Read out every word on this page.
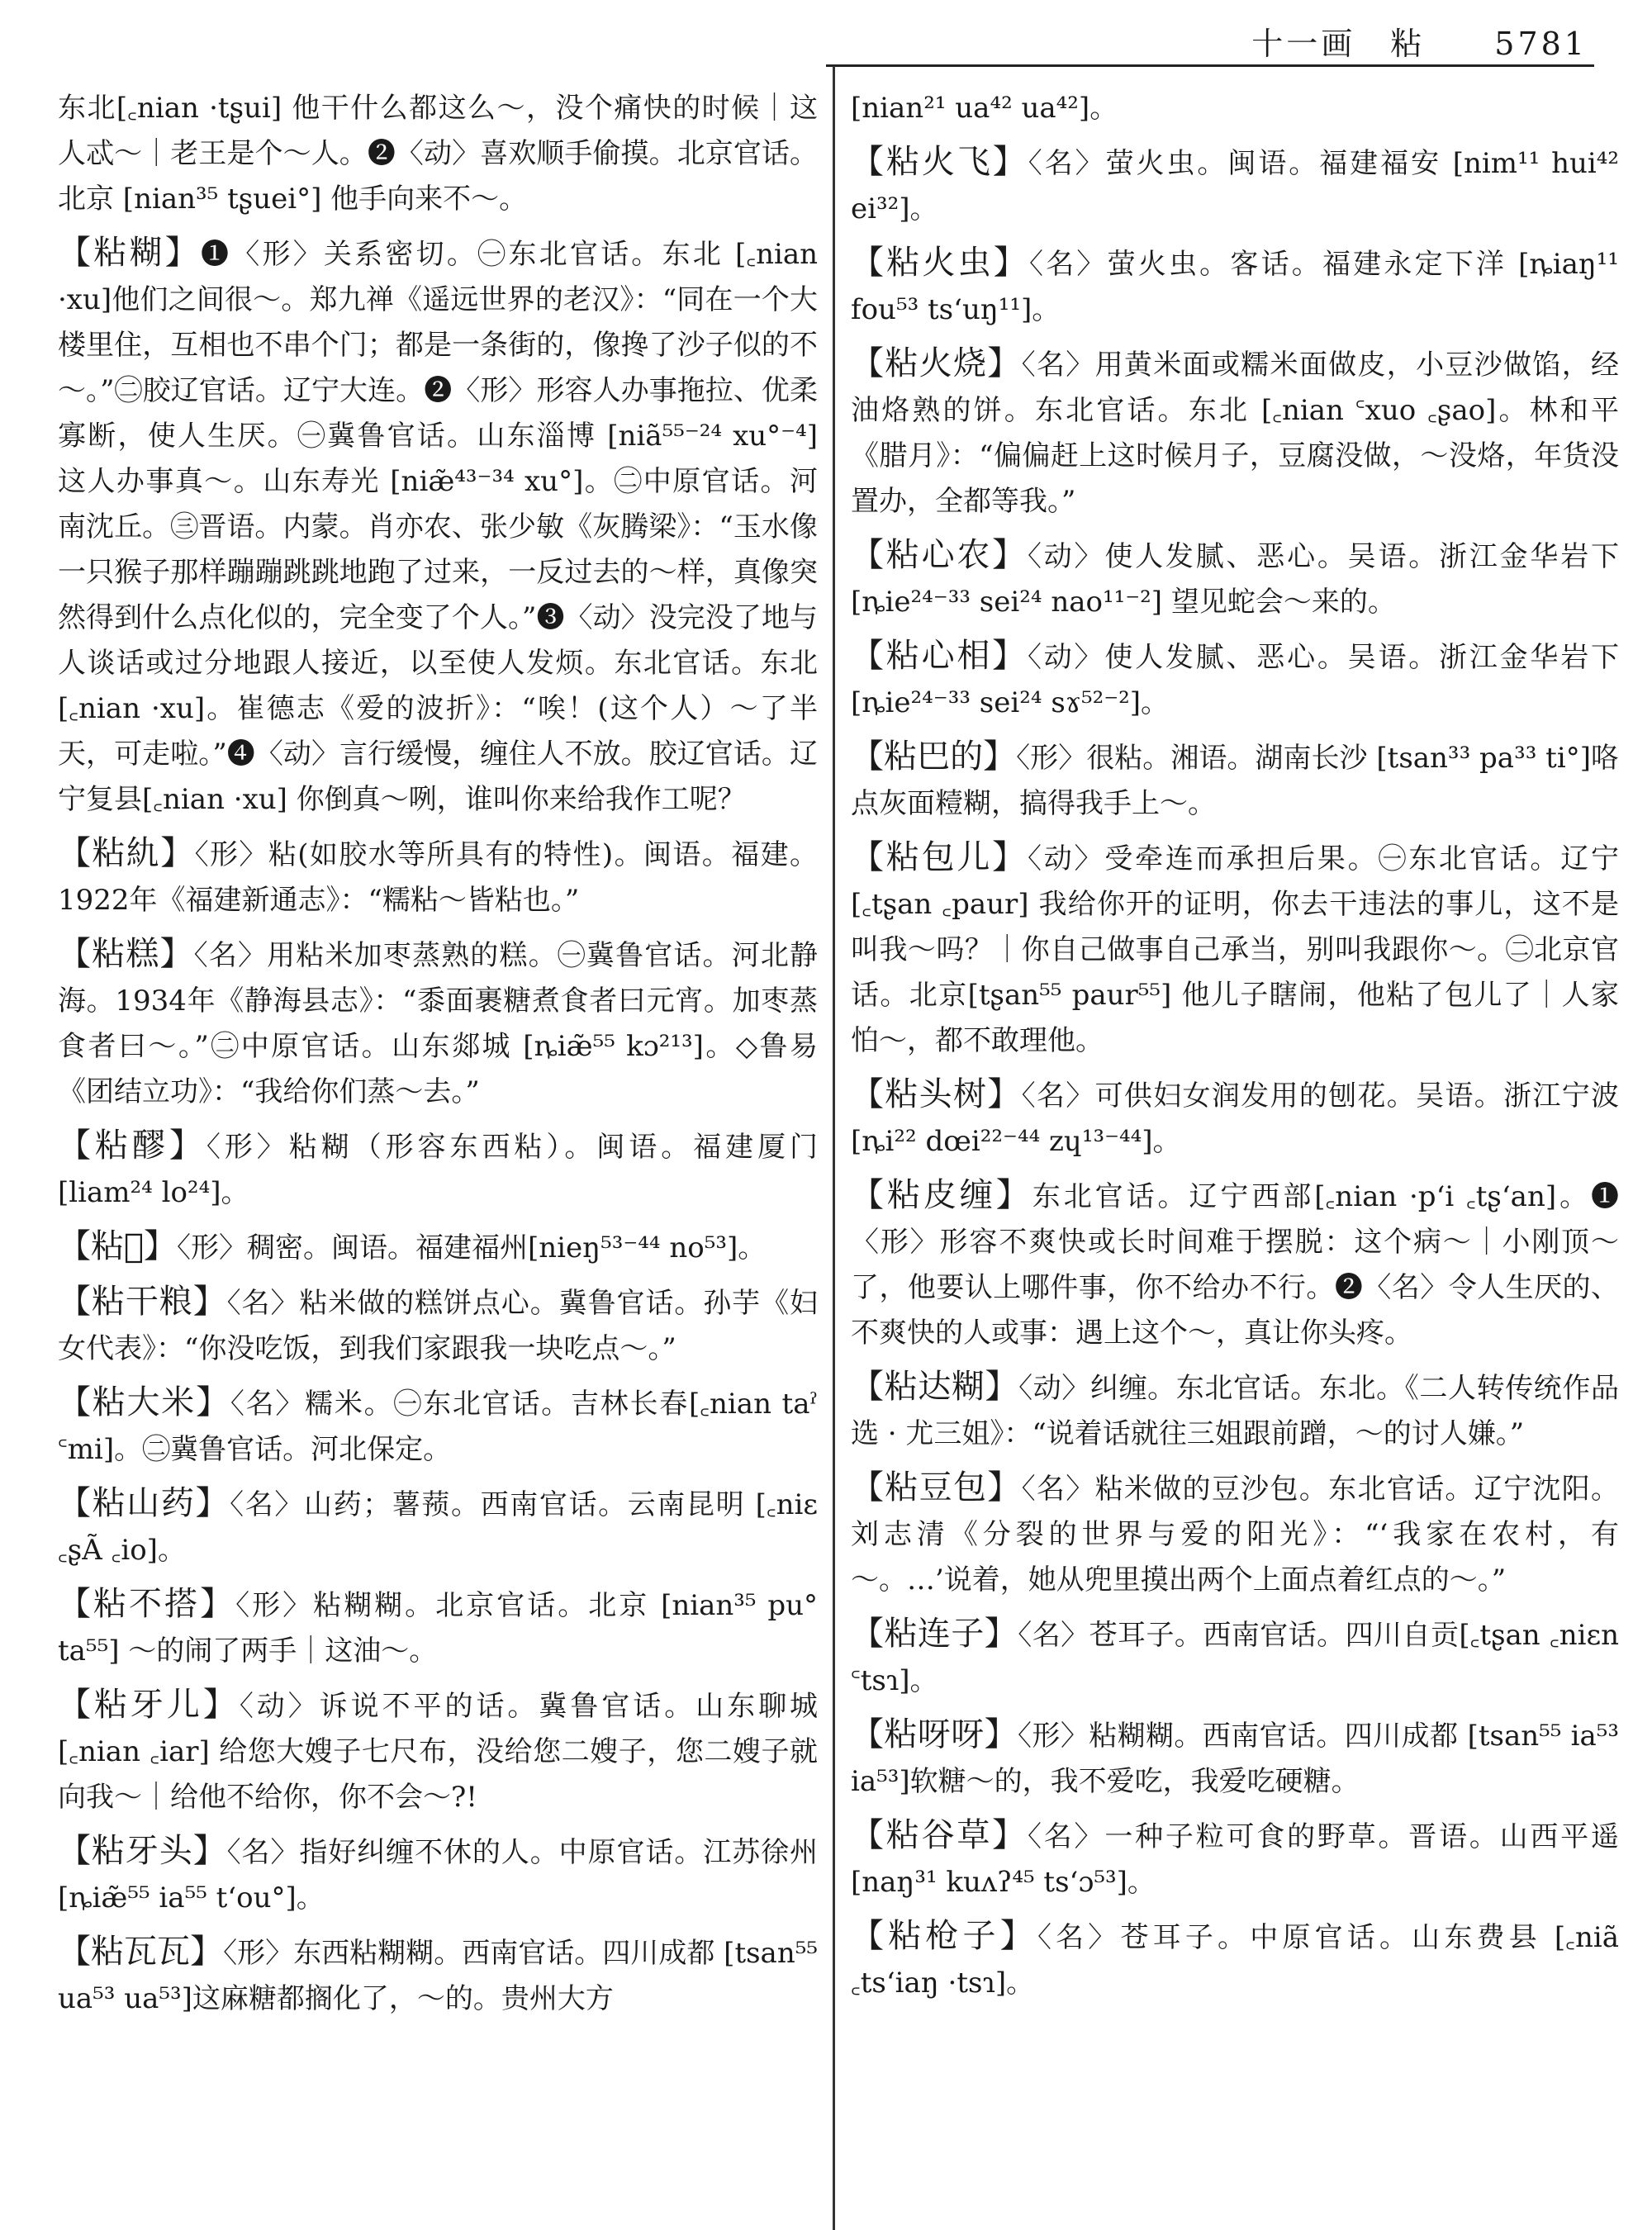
十一画　粘　　5781

东北[꜀nian ·tʂui] 他干什么都这么～，没个痛快的时候｜这人忒～｜老王是个～人。❷〈动〉喜欢顺手偷摸。北京官话。北京 [nian³⁵ tʂuei°] 他手向来不～。

【 粘糊 】 ❶〈形〉关系密切。㊀东北官话。东北 [꜀nian ·xu]他们之间很～。郑九禅《遥远世界的老汉》：“同在一个大楼里住，互相也不串个门；都是一条街的，像搀了沙子似的不～。”㊁胶辽官话。辽宁大连。❷〈形〉形容人办事拖拉、优柔寡断，使人生厌。㊀冀鲁官话。山东淄博 [niã⁵⁵⁻²⁴ xu°⁻⁴] 这人办事真～。山东寿光 [niæ̃⁴³⁻³⁴ xu°]。㊁中原官话。河南沈丘。㊂晋语。内蒙。肖亦农、张少敏《灰腾梁》：“玉水像一只猴子那样蹦蹦跳跳地跑了过来，一反过去的～样，真像突然得到什么点化似的，完全变了个人。”❸〈动〉没完没了地与人谈话或过分地跟人接近，以至使人发烦。东北官话。东北[꜀nian ·xu]。崔德志《爱的波折》：“唉！(这个人）～了半天，可走啦。”❹〈动〉言行缓慢，缠住人不放。胶辽官话。辽宁复县[꜀nian ·xu] 你倒真～咧，谁叫你来给我作工呢？

【 粘䊵 】 〈形〉粘(如胶水等所具有的特性)。闽语。福建。1922年《福建新通志》：“糯粘～皆粘也。”

【 粘糕 】 〈名〉用粘米加枣蒸熟的糕。㊀冀鲁官话。河北静海。1934年《静海县志》：“黍面裹糖煮食者曰元宵。加枣蒸食者曰～。”㊁中原官话。山东郯城 [ȵiæ̃⁵⁵ kɔ²¹³]。◇鲁易《团结立功》：“我给你们蒸～去。”

【 粘醪 】 〈形〉粘糊（形容东西粘）。闽语。福建厦门 [liam²⁴ lo²⁴]。

【 粘𥺌 】 〈形〉稠密。闽语。福建福州[nieŋ⁵³⁻⁴⁴ no⁵³]。

【 粘干粮 】 〈名〉粘米做的糕饼点心。冀鲁官话。孙芋《妇女代表》：“你没吃饭，到我们家跟我一块吃点～。”

【 粘大米 】 〈名〉糯米。㊀东北官话。吉林长春[꜀nian taˀ ꜂mi]。㊁冀鲁官话。河北保定。

【 粘山药 】 〈名〉山药；薯蓣。西南官话。云南昆明 [꜀niɛ ꜀ʂÃ ꜀io]。

【 粘不搭 】 〈形〉粘糊糊。北京官话。北京 [nian³⁵ pu° ta⁵⁵] ～的闹了两手｜这油～。

【 粘牙儿 】 〈动〉诉说不平的话。冀鲁官话。山东聊城 [꜀nian ꜀iar] 给您大嫂子七尺布，没给您二嫂子，您二嫂子就向我～｜给他不给你，你不会～?!

【 粘牙头 】 〈名〉指好纠缠不休的人。中原官话。江苏徐州 [ȵiæ̃⁵⁵ ia⁵⁵ t‘ou°]。

【 粘瓦瓦 】 〈形〉东西粘糊糊。西南官话。四川成都 [tsan⁵⁵ ua⁵³ ua⁵³]这麻糖都搁化了，～的。贵州大方

[nian²¹ ua⁴² ua⁴²]。

【 粘火飞 】 〈名〉萤火虫。闽语。福建福安 [nim¹¹ hui⁴² ei³²]。

【 粘火虫 】 〈名〉萤火虫。客话。福建永定下洋 [ȵiaŋ¹¹ fou⁵³ ts‘uŋ¹¹]。

【 粘火烧 】 〈名〉用黄米面或糯米面做皮，小豆沙做馅，经油烙熟的饼。东北官话。东北 [꜀nian ꜂xuo ꜀ʂao]。林和平《腊月》：“偏偏赶上这时候月子，豆腐没做，～没烙，年货没置办，全都等我。”

【 粘心农 】 〈动〉使人发腻、恶心。吴语。浙江金华岩下 [ȵie²⁴⁻³³ sei²⁴ nao¹¹⁻²] 望见蛇会～来的。

【 粘心相 】 〈动〉使人发腻、恶心。吴语。浙江金华岩下 [ȵie²⁴⁻³³ sei²⁴ sɤ⁵²⁻²]。

【 粘巴的 】 〈形〉很粘。湘语。湖南长沙 [tsan³³ pa³³ ti°]咯点灰面䊦糊，搞得我手上～。

【 粘包儿 】 〈动〉受牵连而承担后果。㊀东北官话。辽宁 [꜀tʂan ꜀paur] 我给你开的证明，你去干违法的事儿，这不是叫我～吗？｜你自己做事自己承当，别叫我跟你～。㊁北京官话。北京[tʂan⁵⁵ paur⁵⁵] 他儿子瞎闹，他粘了包儿了｜人家怕～，都不敢理他。

【 粘头树 】 〈名〉可供妇女润发用的刨花。吴语。浙江宁波 [ȵi²² dœi²²⁻⁴⁴ zɥ¹³⁻⁴⁴]。

【 粘皮缠 】 东北官话。辽宁西部[꜀nian ·p‘i ꜀tʂ‘an]。❶〈形〉形容不爽快或长时间难于摆脱：这个病～｜小刚顶～了，他要认上哪件事，你不给办不行。❷〈名〉令人生厌的、不爽快的人或事：遇上这个～，真让你头疼。

【 粘达糊 】 〈动〉纠缠。东北官话。东北。《二人转传统作品选 · 尤三姐》：“说着话就往三姐跟前蹭，～的讨人嫌。”

【 粘豆包 】 〈名〉粘米做的豆沙包。东北官话。辽宁沈阳。刘志清《分裂的世界与爱的阳光》：“‘我家在农村，有～。…’说着，她从兜里摸出两个上面点着红点的～。”

【 粘连子 】 〈名〉苍耳子。西南官话。四川自贡[꜀tʂan ꜀niɛn ꜂tsɿ]。

【 粘呀呀 】 〈形〉粘糊糊。西南官话。四川成都 [tsan⁵⁵ ia⁵³ ia⁵³]软糖～的，我不爱吃，我爱吃硬糖。

【 粘谷草 】 〈名〉一种子粒可食的野草。晋语。山西平遥 [naŋ³¹ kuʌʔ⁴⁵ ts‘ɔ⁵³]。

【 粘枪子 】 〈名〉苍耳子。中原官话。山东费县 [꜀niã ꜀ts‘iaŋ ·tsɿ]。
